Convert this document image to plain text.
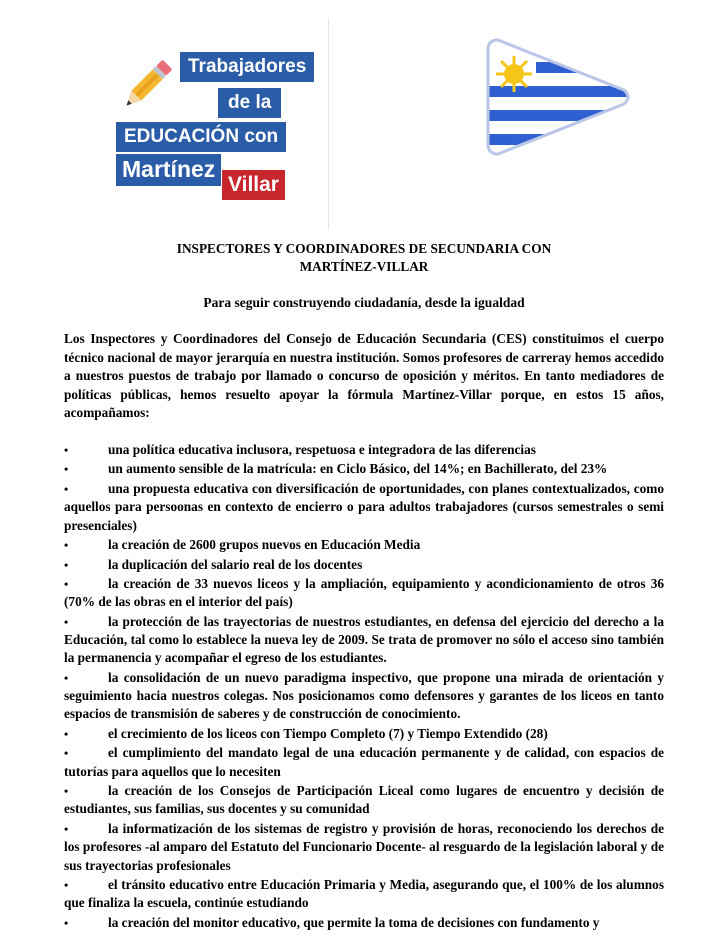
Trabajadores
de la
EDUCACIÓN con
Martínez
Villar

INSPECTORES Y COORDINADORES DE SECUNDARIA CON
MARTÍNEZ-VILLAR

Para seguir construyendo ciudadanía, desde la igualdad

Los Inspectores y Coordinadores del Consejo de Educación Secundaria (CES) constituimos el cuerpo técnico nacional de mayor jerarquía en nuestra institución. Somos profesores de carreray hemos accedido a nuestros puestos de trabajo por llamado o concurso de oposición y méritos. En tanto mediadores de políticas públicas, hemos resuelto apoyar la fórmula Martínez-Villar porque, en estos 15 años, acompañamos:

•	una política educativa inclusora, respetuosa e integradora de las diferencias
•	un aumento sensible de la matrícula: en Ciclo Básico, del 14%; en Bachillerato, del 23%
•	una propuesta educativa con diversificación de oportunidades, con planes contextualizados, como aquellos para persoonas en contexto de encierro o para adultos trabajadores (cursos semestrales o semi presenciales)
•	la creación de 2600 grupos nuevos en Educación Media
•	la duplicación del salario real de los docentes
•	la creación de 33 nuevos liceos y la ampliación, equipamiento y acondicionamiento de otros 36 (70% de las obras en el interior del país)
•	la protección de las trayectorias de nuestros estudiantes, en defensa del ejercicio del derecho a la Educación, tal como lo establece la nueva ley de 2009. Se trata de promover no sólo el acceso sino también la permanencia y acompañar el egreso de los estudiantes.
•	la consolidación de un nuevo paradigma inspectivo, que propone una mirada de orientación y seguimiento hacia nuestros colegas. Nos posicionamos como defensores y garantes de los liceos en tanto espacios de transmisión de saberes y de construcción de conocimiento.
•	el crecimiento de los liceos con Tiempo Completo (7) y Tiempo Extendido (28)
•	el cumplimiento del mandato legal de una educación permanente y de calidad, con espacios de tutorías para aquellos que lo necesiten
•	la creación de los Consejos de Participación Liceal como lugares de encuentro y decisión de estudiantes, sus familias, sus docentes y su comunidad
•	la informatización de los sistemas de registro y provisión de horas, reconociendo los derechos de los profesores -al amparo del Estatuto del Funcionario Docente- al resguardo de la legislación laboral y de sus trayectorias profesionales
•	el tránsito educativo entre Educación Primaria y Media, asegurando que, el 100% de los alumnos que finaliza la escuela, continúe estudiando
•	la creación del monitor educativo, que permite la toma de decisiones con fundamento y
